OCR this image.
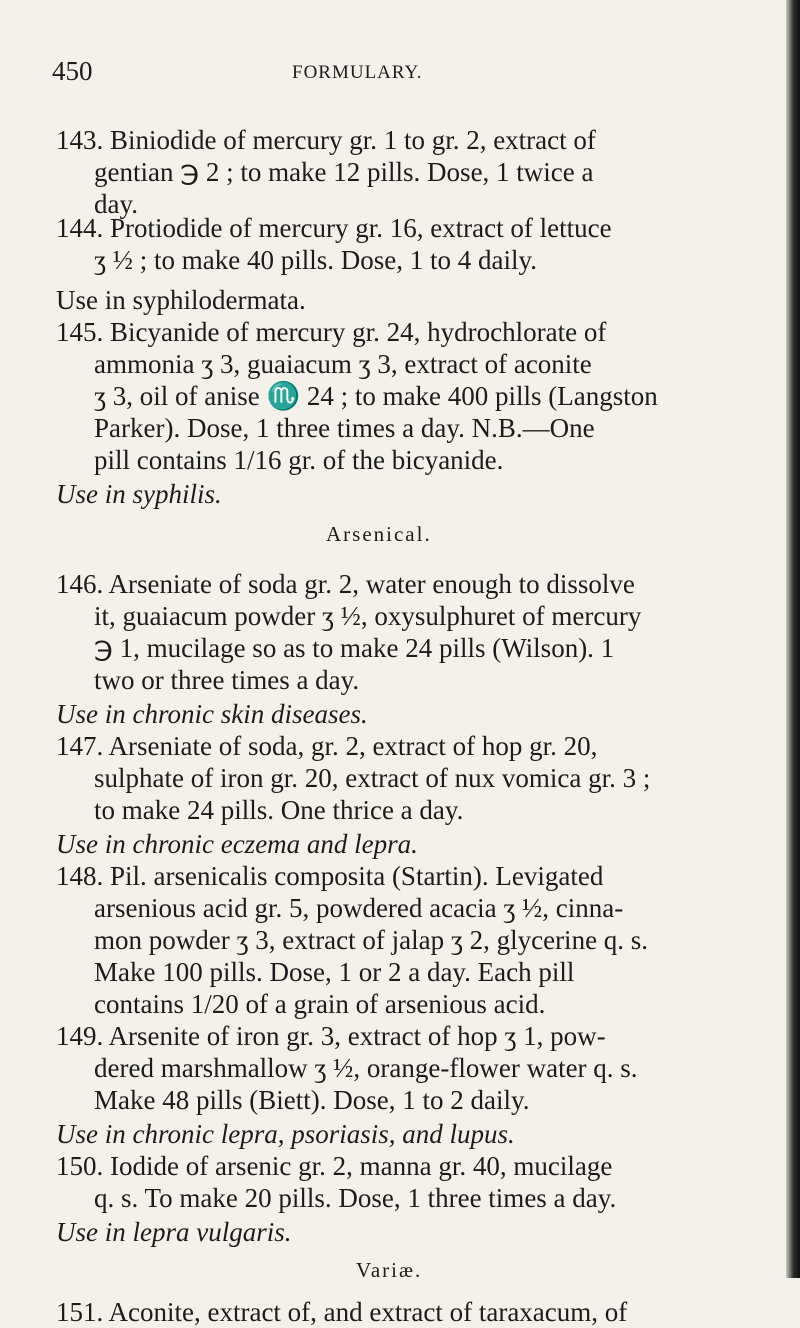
450	FORMULARY.
143. Biniodide of mercury gr. 1 to gr. 2, extract of
gentian ℈ 2 ; to make 12 pills. Dose, 1 twice a
day.
144. Protiodide of mercury gr. 16, extract of lettuce
ʒ ½ ; to make 40 pills. Dose, 1 to 4 daily.
Use in syphilodermata.
145. Bicyanide of mercury gr. 24, hydrochlorate of
ammonia ʒ 3, guaiacum ʒ 3, extract of aconite
ʒ 3, oil of anise ♏ 24 ; to make 400 pills (Langston
Parker). Dose, 1 three times a day. N.B.—One
pill contains 1/16 gr. of the bicyanide.
Use in syphilis.
Arsenical.
146. Arseniate of soda gr. 2, water enough to dissolve
it, guaiacum powder ʒ ½, oxysulphuret of mercury
℈ 1, mucilage so as to make 24 pills (Wilson). 1
two or three times a day.
Use in chronic skin diseases.
147. Arseniate of soda, gr. 2, extract of hop gr. 20,
sulphate of iron gr. 20, extract of nux vomica gr. 3 ;
to make 24 pills. One thrice a day.
Use in chronic eczema and lepra.
148. Pil. arsenicalis composita (Startin). Levigated
arsenious acid gr. 5, powdered acacia ʒ ½, cinna-
mon powder ʒ 3, extract of jalap ʒ 2, glycerine q. s.
Make 100 pills. Dose, 1 or 2 a day. Each pill
contains 1/20 of a grain of arsenious acid.
149. Arsenite of iron gr. 3, extract of hop ʒ 1, pow-
dered marshmallow ʒ ½, orange-flower water q. s.
Make 48 pills (Biett). Dose, 1 to 2 daily.
Use in chronic lepra, psoriasis, and lupus.
150. Iodide of arsenic gr. 2, manna gr. 40, mucilage
q. s. To make 20 pills. Dose, 1 three times a day.
Use in lepra vulgaris.
Variæ.
151. Aconite, extract of, and extract of taraxacum, of
